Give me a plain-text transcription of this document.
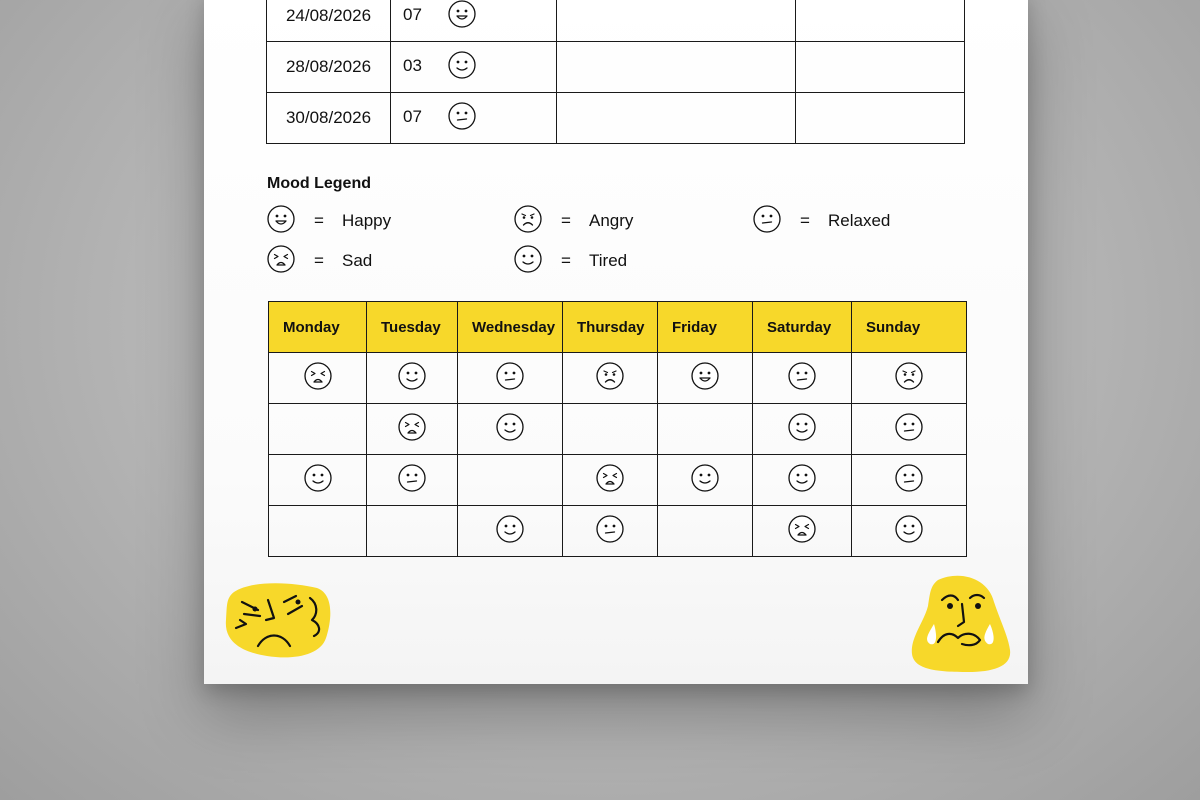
24/08/2026	07		
28/08/2026	03		
30/08/2026	07		
Mood Legend
=	Happy	=	Angry	=	Relaxed
=	Sad	=	Tired
Monday	Tuesday	Wednesday	Thursday	Friday	Saturday	Sunday
